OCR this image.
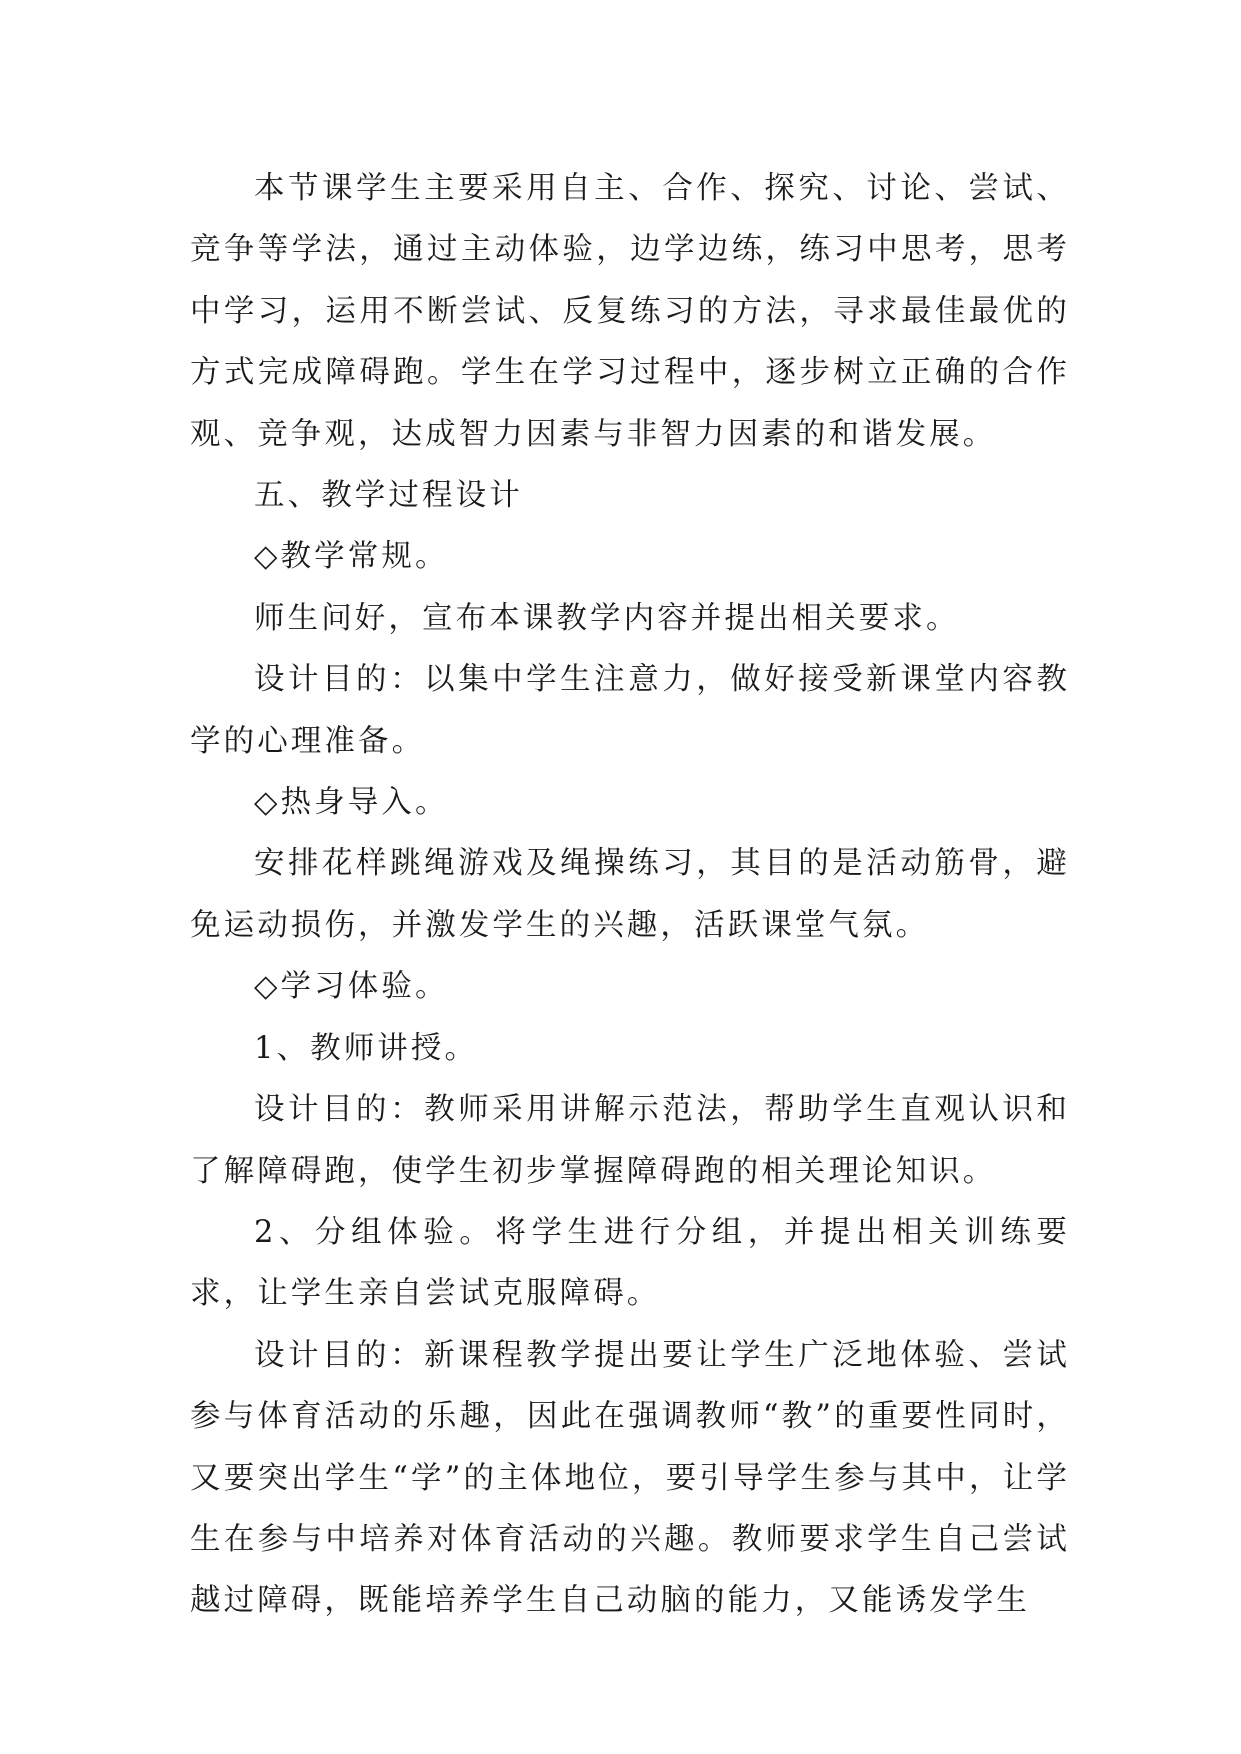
本节课学生主要采用自主、合作、探究、讨论、尝试、竞争等学法，通过主动体验，边学边练，练习中思考，思考中学习，运用不断尝试、反复练习的方法，寻求最佳最优的方式完成障碍跑。学生在学习过程中，逐步树立正确的合作观、竞争观，达成智力因素与非智力因素的和谐发展。

五、教学过程设计

◇教学常规。

师生问好，宣布本课教学内容并提出相关要求。

设计目的：以集中学生注意力，做好接受新课堂内容教学的心理准备。

◇热身导入。

安排花样跳绳游戏及绳操练习，其目的是活动筋骨，避免运动损伤，并激发学生的兴趣，活跃课堂气氛。

◇学习体验。

1、教师讲授。

设计目的：教师采用讲解示范法，帮助学生直观认识和了解障碍跑，使学生初步掌握障碍跑的相关理论知识。

2、分组体验。将学生进行分组，并提出相关训练要求，让学生亲自尝试克服障碍。

设计目的：新课程教学提出要让学生广泛地体验、尝试参与体育活动的乐趣，因此在强调教师“教”的重要性同时，又要突出学生“学”的主体地位，要引导学生参与其中，让学生在参与中培养对体育活动的兴趣。教师要求学生自己尝试越过障碍，既能培养学生自己动脑的能力，又能诱发学生
